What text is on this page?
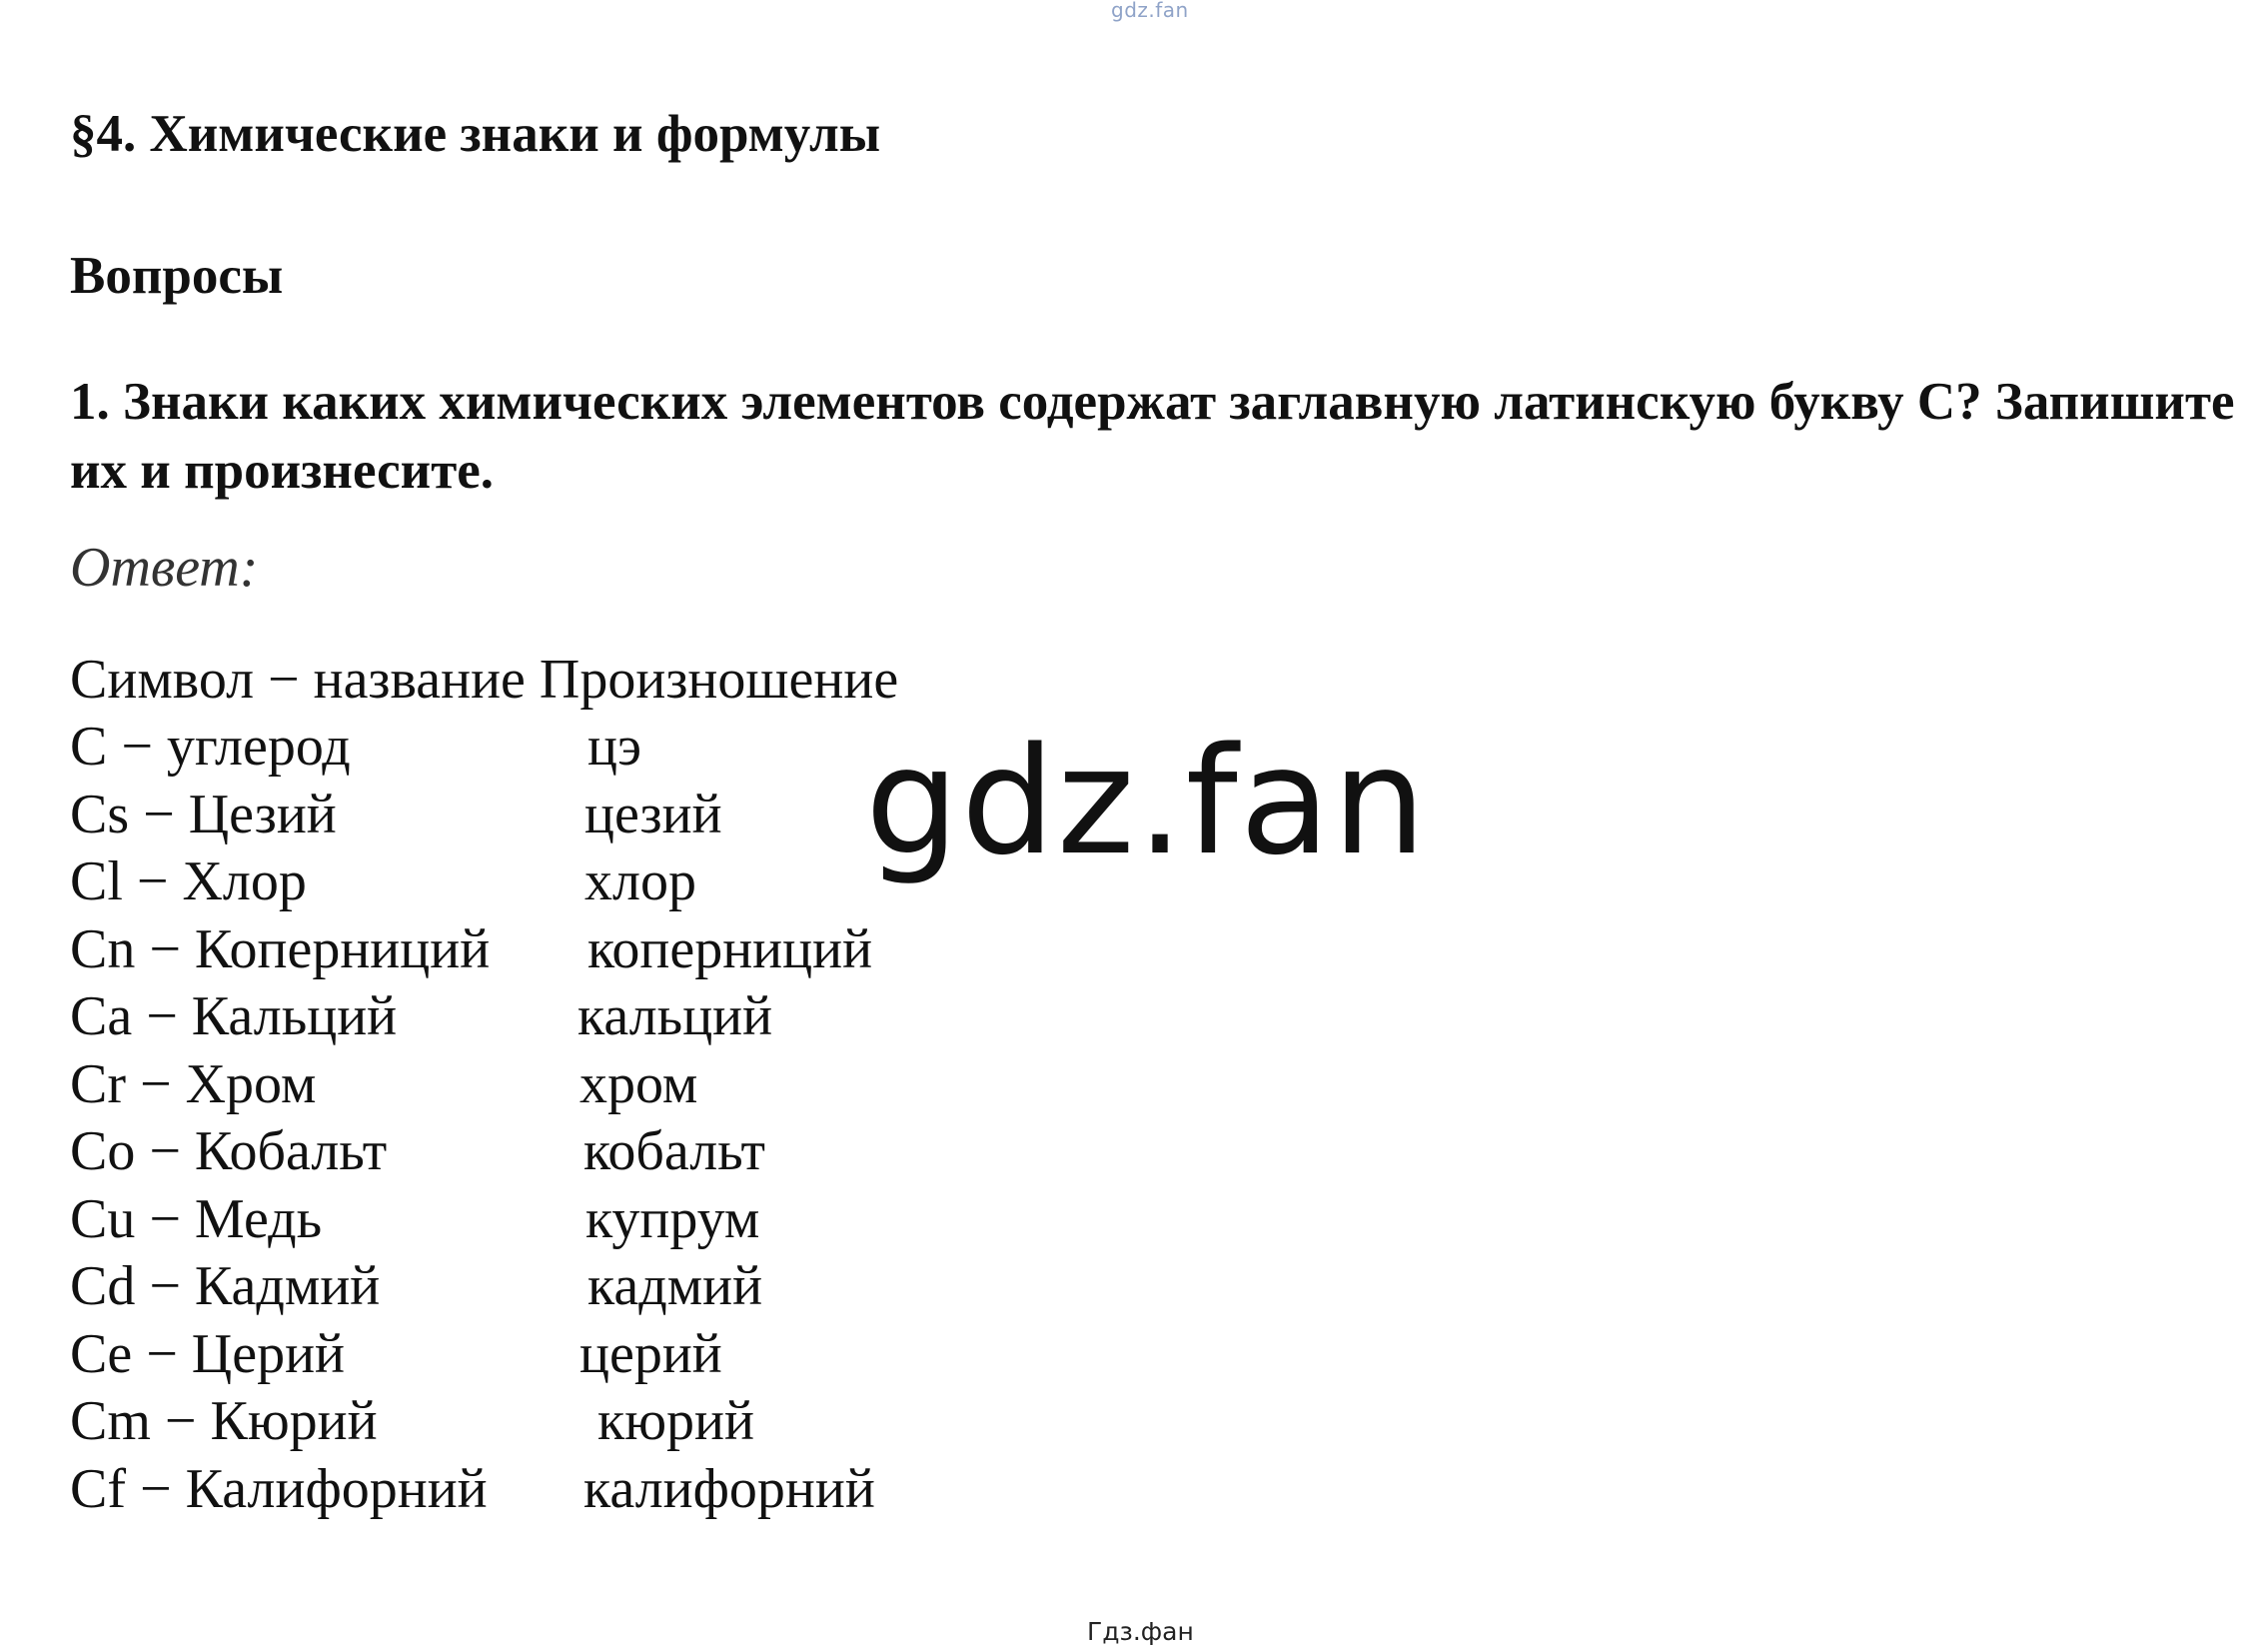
gdz.fan
§4. Химические знаки и формулы
Вопросы
1. Знаки каких химических элементов содержат заглавную латинскую букву С? Запишите их и произнесите.
Ответ:
Символ − название Произношение
С − углерод	цэ
Cs − Цезий	цезий
Cl − Хлор	хлор
Cn − Коперниций коперниций
Ca − Кальций	кальций
Cr − Хром	хром
Co − Кобальт	кобальт
Cu − Медь	купрум
Cd − Кадмий	кадмий
Ce − Церий	церий
Cm − Кюрий	кюрий
Cf − Калифорний калифорний
gdz.fan
Гдз.фан
